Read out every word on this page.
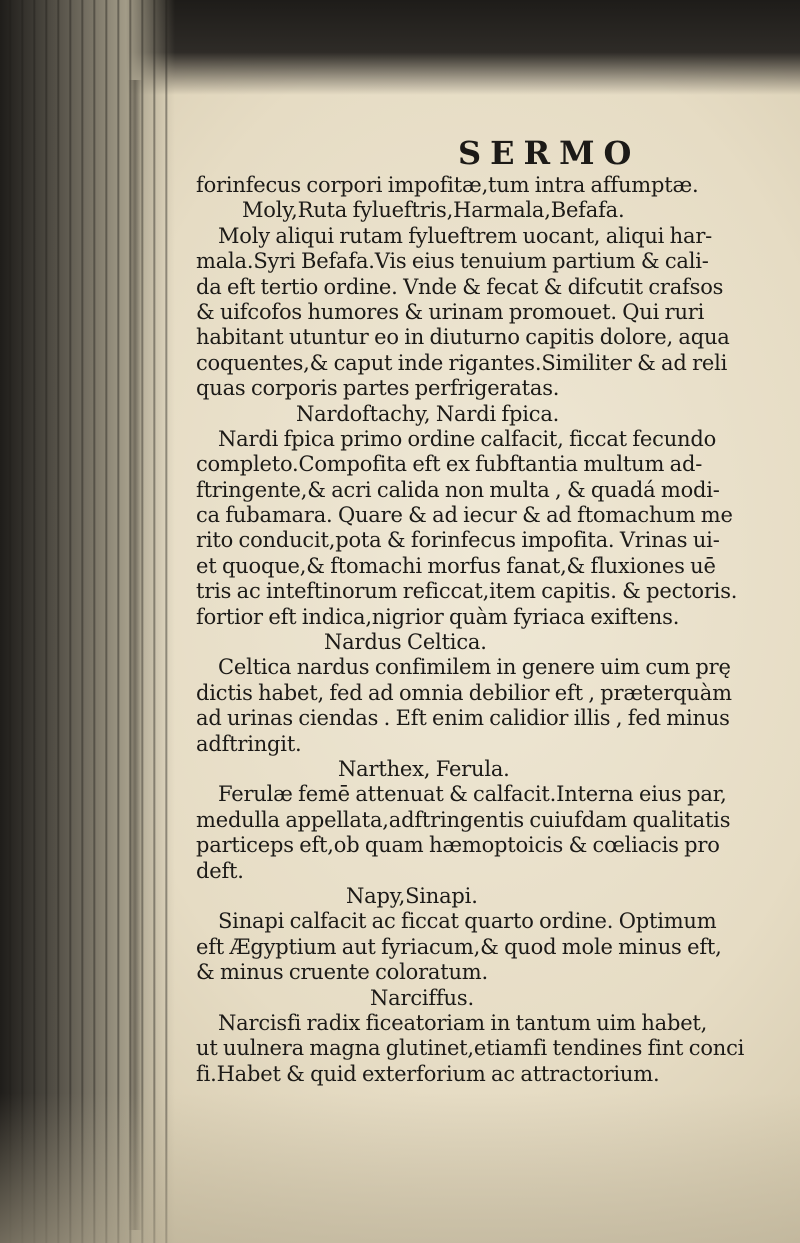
SERMO
forinfecus corpori impofitæ,tum intra affumptæ.
Moly,Ruta fylueftris,Harmala,Befafa.
Moly aliqui rutam fylueftrem uocant, aliqui har-
mala.Syri Befafa.Vis eius tenuium partium & cali-
da eft tertio ordine. Vnde & fecat & difcutit crafsos
& uifcofos humores & urinam promouet. Qui ruri
habitant utuntur eo in diuturno capitis dolore, aqua
coquentes,& caput inde rigantes.Similiter & ad reli
quas corporis partes perfrigeratas.
Nardoftachy, Nardi fpica.
Nardi fpica primo ordine calfacit, ficcat fecundo
completo.Compofita eft ex fubftantia multum ad-
ftringente,& acri calida non multa , & quadá modi-
ca fubamara. Quare & ad iecur & ad ftomachum me
rito conducit,pota & forinfecus impofita. Vrinas ui-
et quoque,& ftomachi morfus fanat,& fluxiones uē
tris ac inteftinorum reficcat,item capitis. & pectoris.
fortior eft indica,nigrior quàm fyriaca exiftens.
Nardus Celtica.
Celtica nardus confimilem in genere uim cum prę
dictis habet, fed ad omnia debilior eft , præterquàm
ad urinas ciendas . Eft enim calidior illis , fed minus
adftringit.
Narthex, Ferula.
Ferulæ femē attenuat & calfacit.Interna eius par,
medulla appellata,adftringentis cuiufdam qualitatis
particeps eft,ob quam hæmoptoicis & cœliacis pro
deft.
Napy,Sinapi.
Sinapi calfacit ac ficcat quarto ordine. Optimum
eft Ægyptium aut fyriacum,& quod mole minus eft,
& minus cruente coloratum.
Narciffus.
Narcisfi radix ficeatoriam in tantum uim habet,
ut uulnera magna glutinet,etiamfi tendines fint conci
fi.Habet & quid exterforium ac attractorium.
